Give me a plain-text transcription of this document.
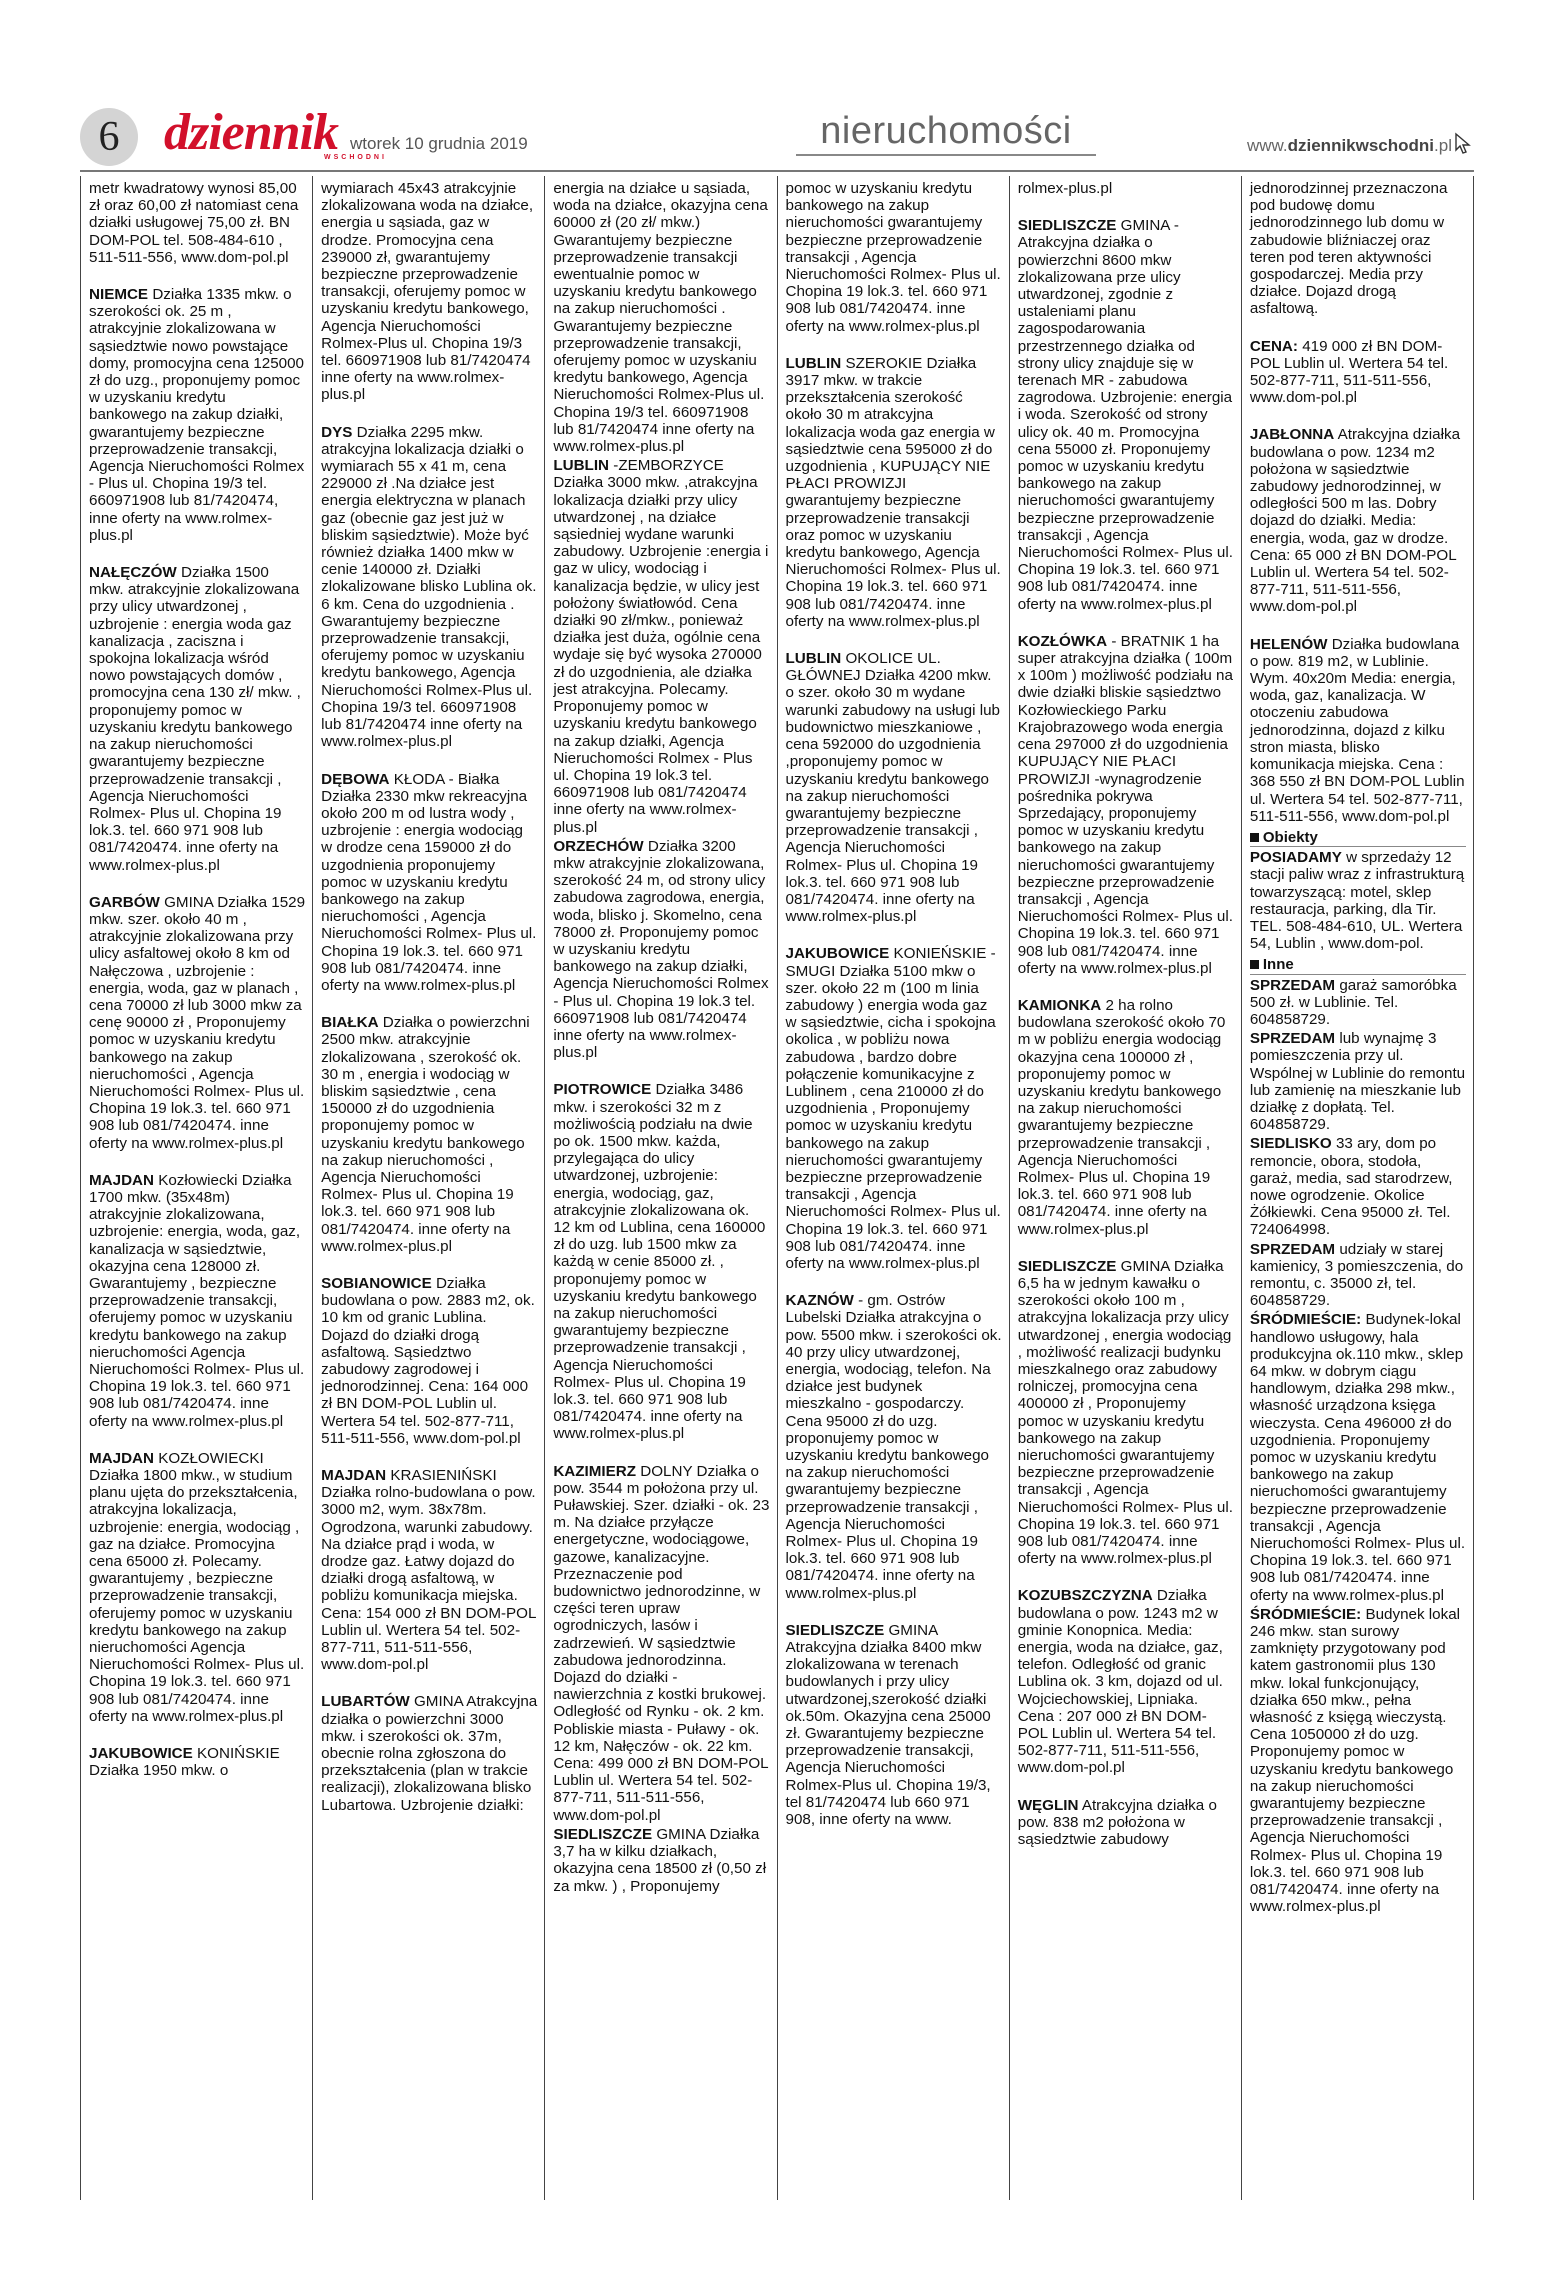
6 dziennik
WSCHODNI
wtorek 10 grudnia 2019	nieruchomości	www.dziennikwschodni.pl

metr kwadratowy wynosi 85,00 zł oraz 60,00 zł natomiast cena działki usługowej 75,00 zł. BN DOM-POL tel. 508-484-610 , 511-511-556, www.dom-pol.pl

NIEMCE Działka 1335 mkw. o szerokości ok. 25 m , atrakcyjnie zlokalizowana w sąsiedztwie nowo powstające domy, promocyjna cena 125000 zł do uzg., proponujemy pomoc w uzyskaniu kredytu bankowego na zakup działki, gwarantujemy bezpieczne przeprowadzenie transakcji, Agencja Nieruchomości Rolmex - Plus ul. Chopina 19/3 tel. 660971908 lub 81/7420474, inne oferty na www.rolmex-plus.pl

NAŁĘCZÓW Działka 1500 mkw. atrakcyjnie zlokalizowana przy ulicy utwardzonej , uzbrojenie : energia woda gaz kanalizacja , zaciszna i spokojna lokalizacja wśród nowo powstających domów , promocyjna cena 130 zł/ mkw. , proponujemy pomoc w uzyskaniu kredytu bankowego na zakup nieruchomości gwarantujemy bezpieczne przeprowadzenie transakcji , Agencja Nieruchomości Rolmex- Plus ul. Chopina 19 lok.3. tel. 660 971 908 lub 081/7420474. inne oferty na www.rolmex-plus.pl

GARBÓW GMINA Działka 1529 mkw. szer. około 40 m , atrakcyjnie zlokalizowana przy ulicy asfaltowej około 8 km od Nałęczowa , uzbrojenie : energia, woda, gaz w planach , cena 70000 zł lub 3000 mkw za cenę 90000 zł , Proponujemy pomoc w uzyskaniu kredytu bankowego na zakup nieruchomości , Agencja Nieruchomości Rolmex- Plus ul. Chopina 19 lok.3. tel. 660 971 908 lub 081/7420474. inne oferty na www.rolmex-plus.pl

MAJDAN Kozłowiecki Działka 1700 mkw. (35x48m) atrakcyjnie zlokalizowana, uzbrojenie: energia, woda, gaz, kanalizacja w sąsiedztwie, okazyjna cena 128000 zł. Gwarantujemy , bezpieczne przeprowadzenie transakcji, oferujemy pomoc w uzyskaniu kredytu bankowego na zakup nieruchomości Agencja Nieruchomości Rolmex- Plus ul. Chopina 19 lok.3. tel. 660 971 908 lub 081/7420474. inne oferty na www.rolmex-plus.pl

MAJDAN KOZŁOWIECKI Działka 1800 mkw., w studium planu ujęta do przekształcenia, atrakcyjna lokalizacja, uzbrojenie: energia, wodociąg , gaz na działce. Promocyjna cena 65000 zł. Polecamy. gwarantujemy , bezpieczne przeprowadzenie transakcji, oferujemy pomoc w uzyskaniu kredytu bankowego na zakup nieruchomości Agencja Nieruchomości Rolmex- Plus ul. Chopina 19 lok.3. tel. 660 971 908 lub 081/7420474. inne oferty na www.rolmex-plus.pl

JAKUBOWICE KONIŃSKIE Działka 1950 mkw. o

wymiarach 45x43 atrakcyjnie zlokalizowana woda na działce, energia u sąsiada, gaz w drodze. Promocyjna cena 239000 zł, gwarantujemy bezpieczne przeprowadzenie transakcji, oferujemy pomoc w uzyskaniu kredytu bankowego, Agencja Nieruchomości Rolmex-Plus ul. Chopina 19/3 tel. 660971908 lub 81/7420474 inne oferty na www.rolmex-plus.pl

DYS Działka 2295 mkw. atrakcyjna lokalizacja działki o wymiarach 55 x 41 m, cena 229000 zł .Na działce jest energia elektryczna w planach gaz (obecnie gaz jest już w bliskim sąsiedztwie). Może być również działka 1400 mkw w cenie 140000 zł. Działki zlokalizowane blisko Lublina ok. 6 km. Cena do uzgodnienia . Gwarantujemy bezpieczne przeprowadzenie transakcji, oferujemy pomoc w uzyskaniu kredytu bankowego, Agencja Nieruchomości Rolmex-Plus ul. Chopina 19/3 tel. 660971908 lub 81/7420474 inne oferty na www.rolmex-plus.pl

DĘBOWA KŁODA - Białka Działka 2330 mkw rekreacyjna około 200 m od lustra wody , uzbrojenie : energia wodociąg w drodze cena 159000 zł do uzgodnienia proponujemy pomoc w uzyskaniu kredytu bankowego na zakup nieruchomości , Agencja Nieruchomości Rolmex- Plus ul. Chopina 19 lok.3. tel. 660 971 908 lub 081/7420474. inne oferty na www.rolmex-plus.pl

BIAŁKA Działka o powierzchni 2500 mkw. atrakcyjnie zlokalizowana , szerokość ok. 30 m , energia i wodociąg w bliskim sąsiedztwie , cena 150000 zł do uzgodnienia proponujemy pomoc w uzyskaniu kredytu bankowego na zakup nieruchomości , Agencja Nieruchomości Rolmex- Plus ul. Chopina 19 lok.3. tel. 660 971 908 lub 081/7420474. inne oferty na www.rolmex-plus.pl

SOBIANOWICE Działka budowlana o pow. 2883 m2, ok. 10 km od granic Lublina. Dojazd do działki drogą asfaltową. Sąsiedztwo zabudowy zagrodowej i jednorodzinnej. Cena: 164 000 zł BN DOM-POL Lublin ul. Wertera 54 tel. 502-877-711, 511-511-556, www.dom-pol.pl

MAJDAN KRASIENIŃSKI Działka rolno-budowlana o pow. 3000 m2, wym. 38x78m. Ogrodzona, warunki zabudowy. Na działce prąd i woda, w drodze gaz. Łatwy dojazd do działki drogą asfaltową, w pobliżu komunikacja miejska. Cena: 154 000 zł BN DOM-POL Lublin ul. Wertera 54 tel. 502-877-711, 511-511-556, www.dom-pol.pl

LUBARTÓW GMINA Atrakcyjna działka o powierzchni 3000 mkw. i szerokości ok. 37m, obecnie rolna zgłoszona do przekształcenia (plan w trakcie realizacji), zlokalizowana blisko Lubartowa. Uzbrojenie działki:

energia na działce u sąsiada, woda na działce, okazyjna cena 60000 zł (20 zł/ mkw.) Gwarantujemy bezpieczne przeprowadzenie transakcji ewentualnie pomoc w uzyskaniu kredytu bankowego na zakup nieruchomości . Gwarantujemy bezpieczne przeprowadzenie transakcji, oferujemy pomoc w uzyskaniu kredytu bankowego, Agencja Nieruchomości Rolmex-Plus ul. Chopina 19/3 tel. 660971908 lub 81/7420474 inne oferty na www.rolmex-plus.pl

LUBLIN -ZEMBORZYCE Działka 3000 mkw. ,atrakcyjna lokalizacja działki przy ulicy utwardzonej , na działce sąsiedniej wydane warunki zabudowy. Uzbrojenie :energia i gaz w ulicy, wodociąg i kanalizacja będzie, w ulicy jest położony światłowód. Cena działki 90 zł/mkw., ponieważ działka jest duża, ogólnie cena wydaje się być wysoka 270000 zł do uzgodnienia, ale działka jest atrakcyjna. Polecamy. Proponujemy pomoc w uzyskaniu kredytu bankowego na zakup działki, Agencja Nieruchomości Rolmex - Plus ul. Chopina 19 lok.3 tel. 660971908 lub 081/7420474 inne oferty na www.rolmex-plus.pl

ORZECHÓW Działka 3200 mkw atrakcyjnie zlokalizowana, szerokość 24 m, od strony ulicy zabudowa zagrodowa, energia, woda, blisko j. Skomelno, cena 78000 zł. Proponujemy pomoc w uzyskaniu kredytu bankowego na zakup działki, Agencja Nieruchomości Rolmex - Plus ul. Chopina 19 lok.3 tel. 660971908 lub 081/7420474 inne oferty na www.rolmex-plus.pl

PIOTROWICE Działka 3486 mkw. i szerokości 32 m z możliwością podziału na dwie po ok. 1500 mkw. każda, przylegająca do ulicy utwardzonej, uzbrojenie: energia, wodociąg, gaz, atrakcyjnie zlokalizowana ok. 12 km od Lublina, cena 160000 zł do uzg. lub 1500 mkw za każdą w cenie 85000 zł. , proponujemy pomoc w uzyskaniu kredytu bankowego na zakup nieruchomości gwarantujemy bezpieczne przeprowadzenie transakcji , Agencja Nieruchomości Rolmex- Plus ul. Chopina 19 lok.3. tel. 660 971 908 lub 081/7420474. inne oferty na www.rolmex-plus.pl

KAZIMIERZ DOLNY Działka o pow. 3544 m położona przy ul. Puławskiej. Szer. działki - ok. 23 m. Na działce przyłącze energetyczne, wodociągowe, gazowe, kanalizacyjne. Przeznaczenie pod budownictwo jednorodzinne, w części teren upraw ogrodniczych, lasów i zadrzewień. W sąsiedztwie zabudowa jednorodzinna. Dojazd do działki - nawierzchnia z kostki brukowej. Odległość od Rynku - ok. 2 km. Pobliskie miasta - Puławy - ok. 12 km, Nałęczów - ok. 22 km. Cena: 499 000 zł BN DOM-POL Lublin ul. Wertera 54 tel. 502-877-711, 511-511-556, www.dom-pol.pl

SIEDLISZCZE GMINA Działka 3,7 ha w kilku działkach, okazyjna cena 18500 zł (0,50 zł za mkw. ) , Proponujemy

pomoc w uzyskaniu kredytu bankowego na zakup nieruchomości gwarantujemy bezpieczne przeprowadzenie transakcji , Agencja Nieruchomości Rolmex- Plus ul. Chopina 19 lok.3. tel. 660 971 908 lub 081/7420474. inne oferty na www.rolmex-plus.pl

LUBLIN SZEROKIE Działka 3917 mkw. w trakcie przekształcenia szerokość około 30 m atrakcyjna lokalizacja woda gaz energia w sąsiedztwie cena 595000 zł do uzgodnienia , KUPUJĄCY NIE PŁACI PROWIZJI gwarantujemy bezpieczne przeprowadzenie transakcji oraz pomoc w uzyskaniu kredytu bankowego, Agencja Nieruchomości Rolmex- Plus ul. Chopina 19 lok.3. tel. 660 971 908 lub 081/7420474. inne oferty na www.rolmex-plus.pl

LUBLIN OKOLICE UL. GŁÓWNEJ Działka 4200 mkw. o szer. około 30 m wydane warunki zabudowy na usługi lub budownictwo mieszkaniowe , cena 592000 do uzgodnienia ,proponujemy pomoc w uzyskaniu kredytu bankowego na zakup nieruchomości gwarantujemy bezpieczne przeprowadzenie transakcji , Agencja Nieruchomości Rolmex- Plus ul. Chopina 19 lok.3. tel. 660 971 908 lub 081/7420474. inne oferty na www.rolmex-plus.pl

JAKUBOWICE KONIEŃSKIE - SMUGI Działka 5100 mkw o szer. około 22 m (100 m linia zabudowy ) energia woda gaz w sąsiedztwie, cicha i spokojna okolica , w pobliżu nowa zabudowa , bardzo dobre połączenie komunikacyjne z Lublinem , cena 210000 zł do uzgodnienia , Proponujemy pomoc w uzyskaniu kredytu bankowego na zakup nieruchomości gwarantujemy bezpieczne przeprowadzenie transakcji , Agencja Nieruchomości Rolmex- Plus ul. Chopina 19 lok.3. tel. 660 971 908 lub 081/7420474. inne oferty na www.rolmex-plus.pl

KAZNÓW - gm. Ostrów Lubelski Działka atrakcyjna o pow. 5500 mkw. i szerokości ok. 40 przy ulicy utwardzonej, energia, wodociąg, telefon. Na działce jest budynek mieszkalno - gospodarczy. Cena 95000 zł do uzg. proponujemy pomoc w uzyskaniu kredytu bankowego na zakup nieruchomości gwarantujemy bezpieczne przeprowadzenie transakcji , Agencja Nieruchomości Rolmex- Plus ul. Chopina 19 lok.3. tel. 660 971 908 lub 081/7420474. inne oferty na www.rolmex-plus.pl

SIEDLISZCZE GMINA Atrakcyjna działka 8400 mkw zlokalizowana w terenach budowlanych i przy ulicy utwardzonej,szerokość działki ok.50m. Okazyjna cena 25000 zł. Gwarantujemy bezpieczne przeprowadzenie transakcji, Agencja Nieruchomości Rolmex-Plus ul. Chopina 19/3, tel 81/7420474 lub 660 971 908, inne oferty na www.

rolmex-plus.pl

SIEDLISZCZE GMINA - Atrakcyjna działka o powierzchni 8600 mkw zlokalizowana prze ulicy utwardzonej, zgodnie z ustaleniami planu zagospodarowania przestrzennego działka od strony ulicy znajduje się w terenach MR - zabudowa zagrodowa. Uzbrojenie: energia i woda. Szerokość od strony ulicy ok. 40 m. Promocyjna cena 55000 zł. Proponujemy pomoc w uzyskaniu kredytu bankowego na zakup nieruchomości gwarantujemy bezpieczne przeprowadzenie transakcji , Agencja Nieruchomości Rolmex- Plus ul. Chopina 19 lok.3. tel. 660 971 908 lub 081/7420474. inne oferty na www.rolmex-plus.pl

KOZŁÓWKA - BRATNIK 1 ha super atrakcyjna działka ( 100m x 100m ) możliwość podziału na dwie działki bliskie sąsiedztwo Kozłowieckiego Parku Krajobrazowego woda energia cena 297000 zł do uzgodnienia KUPUJĄCY NIE PŁACI PROWIZJI -wynagrodzenie pośrednika pokrywa Sprzedający, proponujemy pomoc w uzyskaniu kredytu bankowego na zakup nieruchomości gwarantujemy bezpieczne przeprowadzenie transakcji , Agencja Nieruchomości Rolmex- Plus ul. Chopina 19 lok.3. tel. 660 971 908 lub 081/7420474. inne oferty na www.rolmex-plus.pl

KAMIONKA 2 ha rolno budowlana szerokość około 70 m w pobliżu energia wodociąg okazyjna cena 100000 zł , proponujemy pomoc w uzyskaniu kredytu bankowego na zakup nieruchomości gwarantujemy bezpieczne przeprowadzenie transakcji , Agencja Nieruchomości Rolmex- Plus ul. Chopina 19 lok.3. tel. 660 971 908 lub 081/7420474. inne oferty na www.rolmex-plus.pl

SIEDLISZCZE GMINA Działka 6,5 ha w jednym kawałku o szerokości około 100 m , atrakcyjna lokalizacja przy ulicy utwardzonej , energia wodociąg , możliwość realizacji budynku mieszkalnego oraz zabudowy rolniczej, promocyjna cena 400000 zł , Proponujemy pomoc w uzyskaniu kredytu bankowego na zakup nieruchomości gwarantujemy bezpieczne przeprowadzenie transakcji , Agencja Nieruchomości Rolmex- Plus ul. Chopina 19 lok.3. tel. 660 971 908 lub 081/7420474. inne oferty na www.rolmex-plus.pl

KOZUBSZCZYZNA Działka budowlana o pow. 1243 m2 w gminie Konopnica. Media: energia, woda na działce, gaz, telefon. Odległość od granic Lublina ok. 3 km, dojazd od ul. Wojciechowskiej, Lipniaka. Cena : 207 000 zł BN DOM-POL Lublin ul. Wertera 54 tel. 502-877-711, 511-511-556, www.dom-pol.pl

WĘGLIN Atrakcyjna działka o pow. 838 m2 położona w sąsiedztwie zabudowy

jednorodzinnej przeznaczona pod budowę domu jednorodzinnego lub domu w zabudowie bliźniaczej oraz teren pod teren aktywności gospodarczej. Media przy działce. Dojazd drogą asfaltową.

CENA: 419 000 zł BN DOM-POL Lublin ul. Wertera 54 tel. 502-877-711, 511-511-556, www.dom-pol.pl

JABŁONNA Atrakcyjna działka budowlana o pow. 1234 m2 położona w sąsiedztwie zabudowy jednorodzinnej, w odległości 500 m las. Dobry dojazd do działki. Media: energia, woda, gaz w drodze. Cena: 65 000 zł BN DOM-POL Lublin ul. Wertera 54 tel. 502-877-711, 511-511-556, www.dom-pol.pl

HELENÓW Działka budowlana o pow. 819 m2, w Lublinie. Wym. 40x20m Media: energia, woda, gaz, kanalizacja. W otoczeniu zabudowa jednorodzinna, dojazd z kilku stron miasta, blisko komunikacja miejska. Cena : 368 550 zł BN DOM-POL Lublin ul. Wertera 54 tel. 502-877-711, 511-511-556, www.dom-pol.pl

Obiekty

POSIADAMY w sprzedaży 12 stacji paliw wraz z infrastrukturą towarzyszącą: motel, sklep restauracja, parking, dla Tir. TEL. 508-484-610, UL. Wertera 54, Lublin , www.dom-pol.

Inne

SPRZEDAM garaż samoróbka 500 zł. w Lublinie. Tel. 604858729.

SPRZEDAM lub wynajmę 3 pomieszczenia przy ul. Wspólnej w Lublinie do remontu lub zamienię na mieszkanie lub działkę z dopłatą. Tel. 604858729.

SIEDLISKO 33 ary, dom po remoncie, obora, stodoła, garaż, media, sad starodrzew, nowe ogrodzenie. Okolice Żółkiewki. Cena 95000 zł. Tel. 724064998.

SPRZEDAM udziały w starej kamienicy, 3 pomieszczenia, do remontu, c. 35000 zł, tel. 604858729.

ŚRÓDMIEŚCIE: Budynek-lokal handlowo usługowy, hala produkcyjna ok.110 mkw., sklep 64 mkw. w dobrym ciągu handlowym, działka 298 mkw., własność urządzona księga wieczysta. Cena 496000 zł do uzgodnienia. Proponujemy pomoc w uzyskaniu kredytu bankowego na zakup nieruchomości gwarantujemy bezpieczne przeprowadzenie transakcji , Agencja Nieruchomości Rolmex- Plus ul. Chopina 19 lok.3. tel. 660 971 908 lub 081/7420474. inne oferty na www.rolmex-plus.pl

ŚRÓDMIEŚCIE: Budynek lokal 246 mkw. stan surowy zamknięty przygotowany pod katem gastronomii plus 130 mkw. lokal funkcjonujący, działka 650 mkw., pełna własność z księgą wieczystą. Cena 1050000 zł do uzg. Proponujemy pomoc w uzyskaniu kredytu bankowego na zakup nieruchomości gwarantujemy bezpieczne przeprowadzenie transakcji , Agencja Nieruchomości Rolmex- Plus ul. Chopina 19 lok.3. tel. 660 971 908 lub 081/7420474. inne oferty na www.rolmex-plus.pl
